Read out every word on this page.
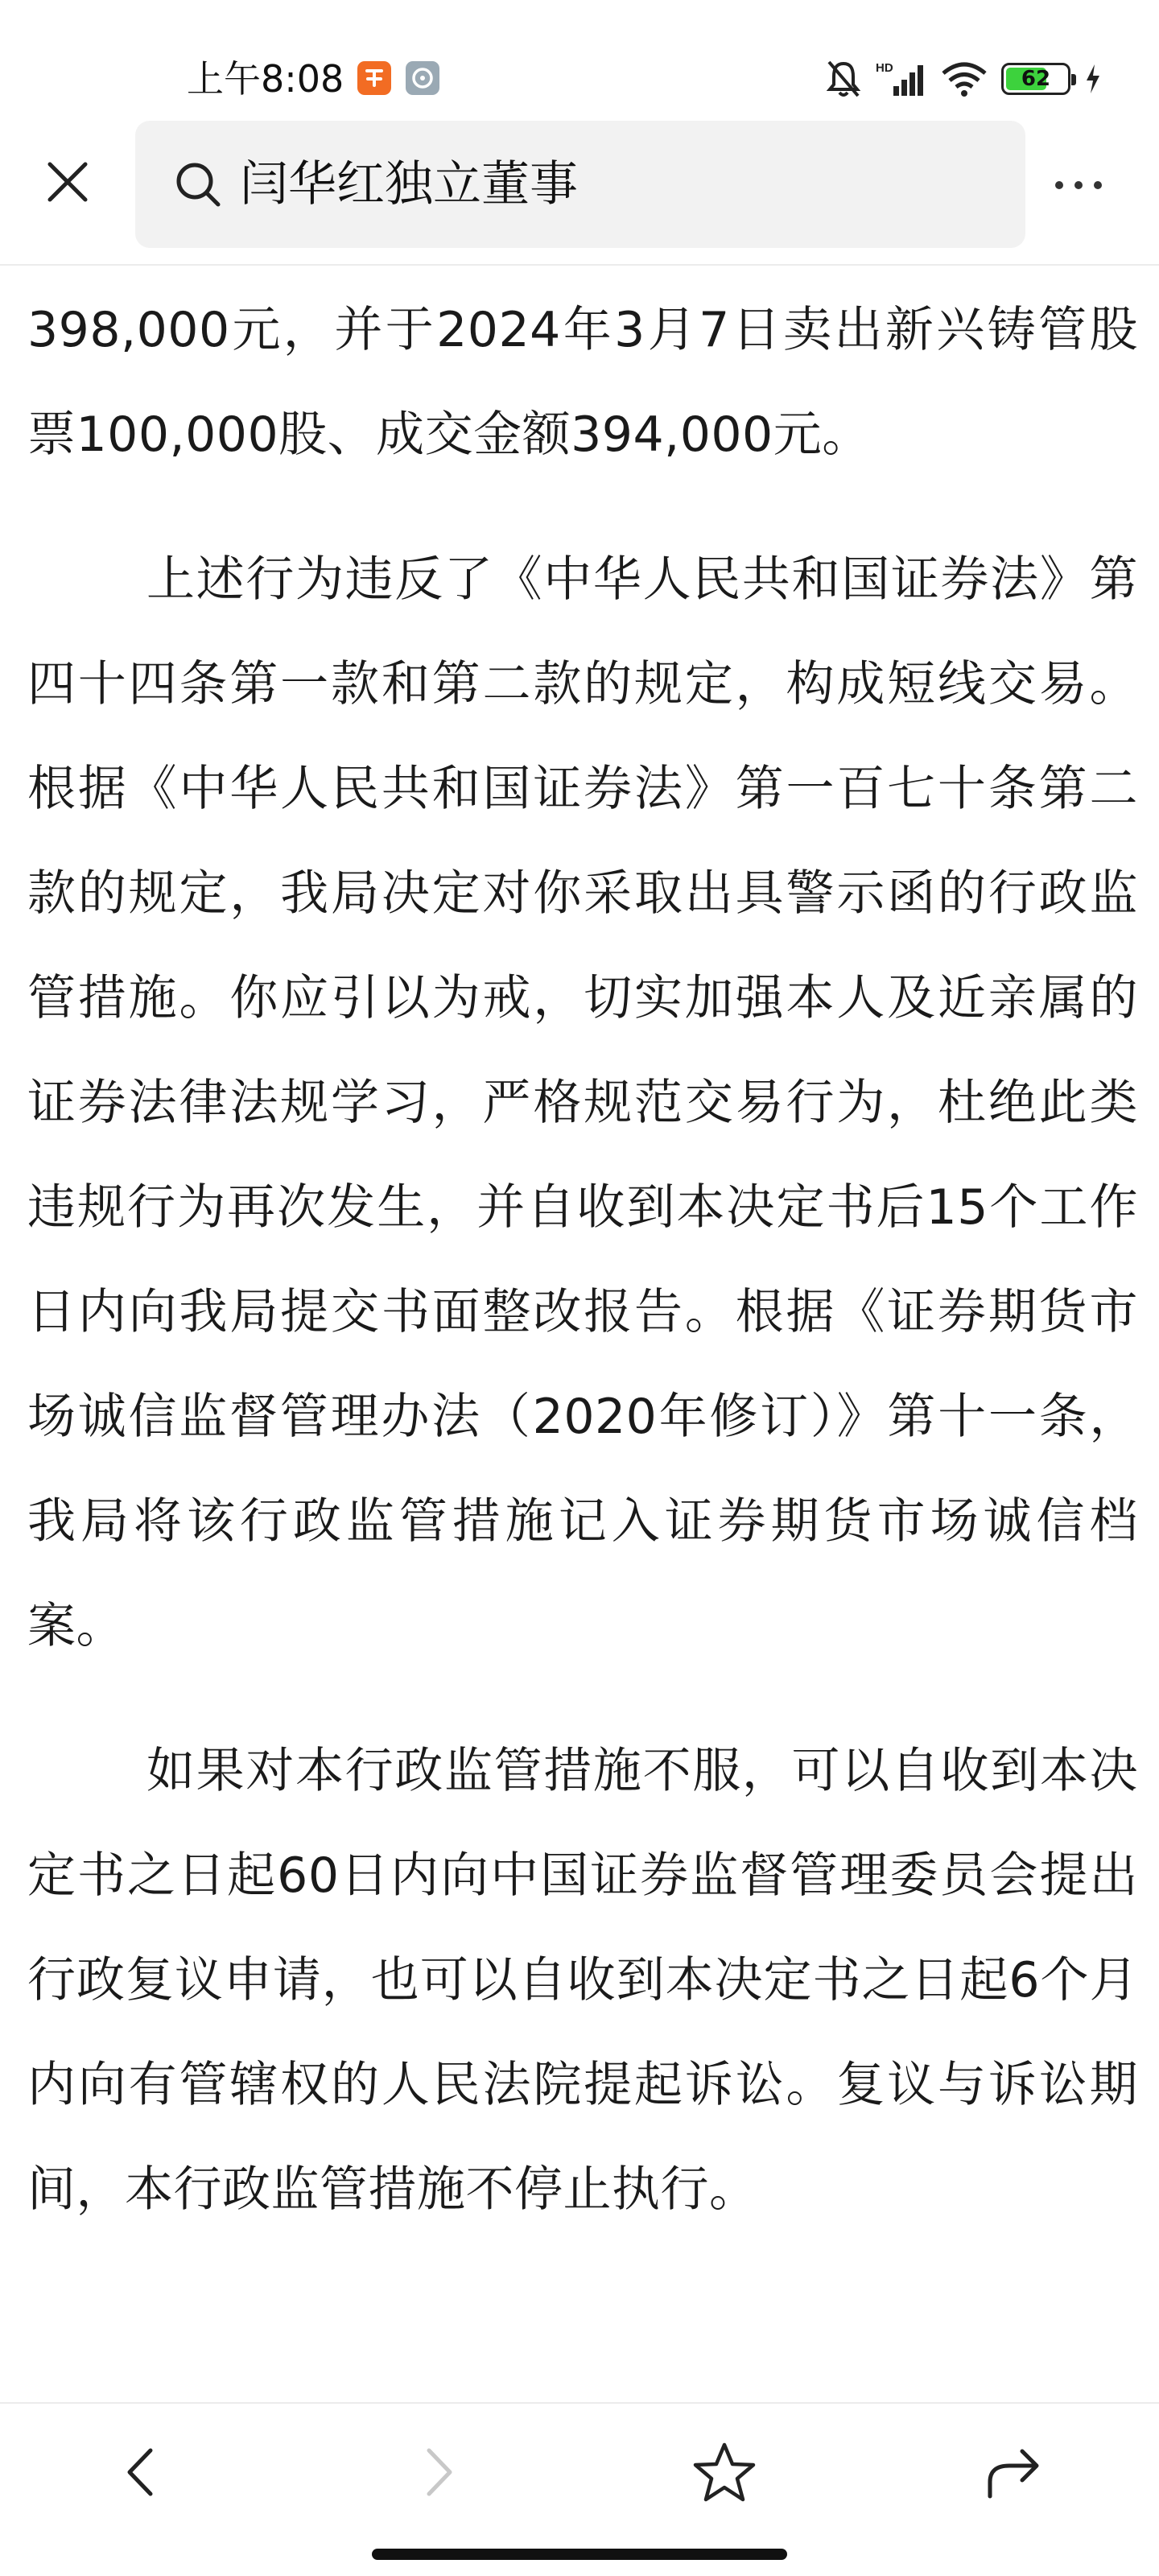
上午8:08	HD	62
闫华红独立董事

398,000元，并于2024年3月7日卖出新兴铸管股票100,000股、成交金额394,000元。

上述行为违反了《中华人民共和国证券法》第四十四条第一款和第二款的规定，构成短线交易。根据《中华人民共和国证券法》第一百七十条第二款的规定，我局决定对你采取出具警示函的行政监管措施。你应引以为戒，切实加强本人及近亲属的证券法律法规学习，严格规范交易行为，杜绝此类违规行为再次发生，并自收到本决定书后15个工作日内向我局提交书面整改报告。根据《证券期货市场诚信监督管理办法（2020年修订）》第十一条，我局将该行政监管措施记入证券期货市场诚信档案。

如果对本行政监管措施不服，可以自收到本决定书之日起60日内向中国证券监督管理委员会提出行政复议申请，也可以自收到本决定书之日起6个月内向有管辖权的人民法院提起诉讼。复议与诉讼期间，本行政监管措施不停止执行。
